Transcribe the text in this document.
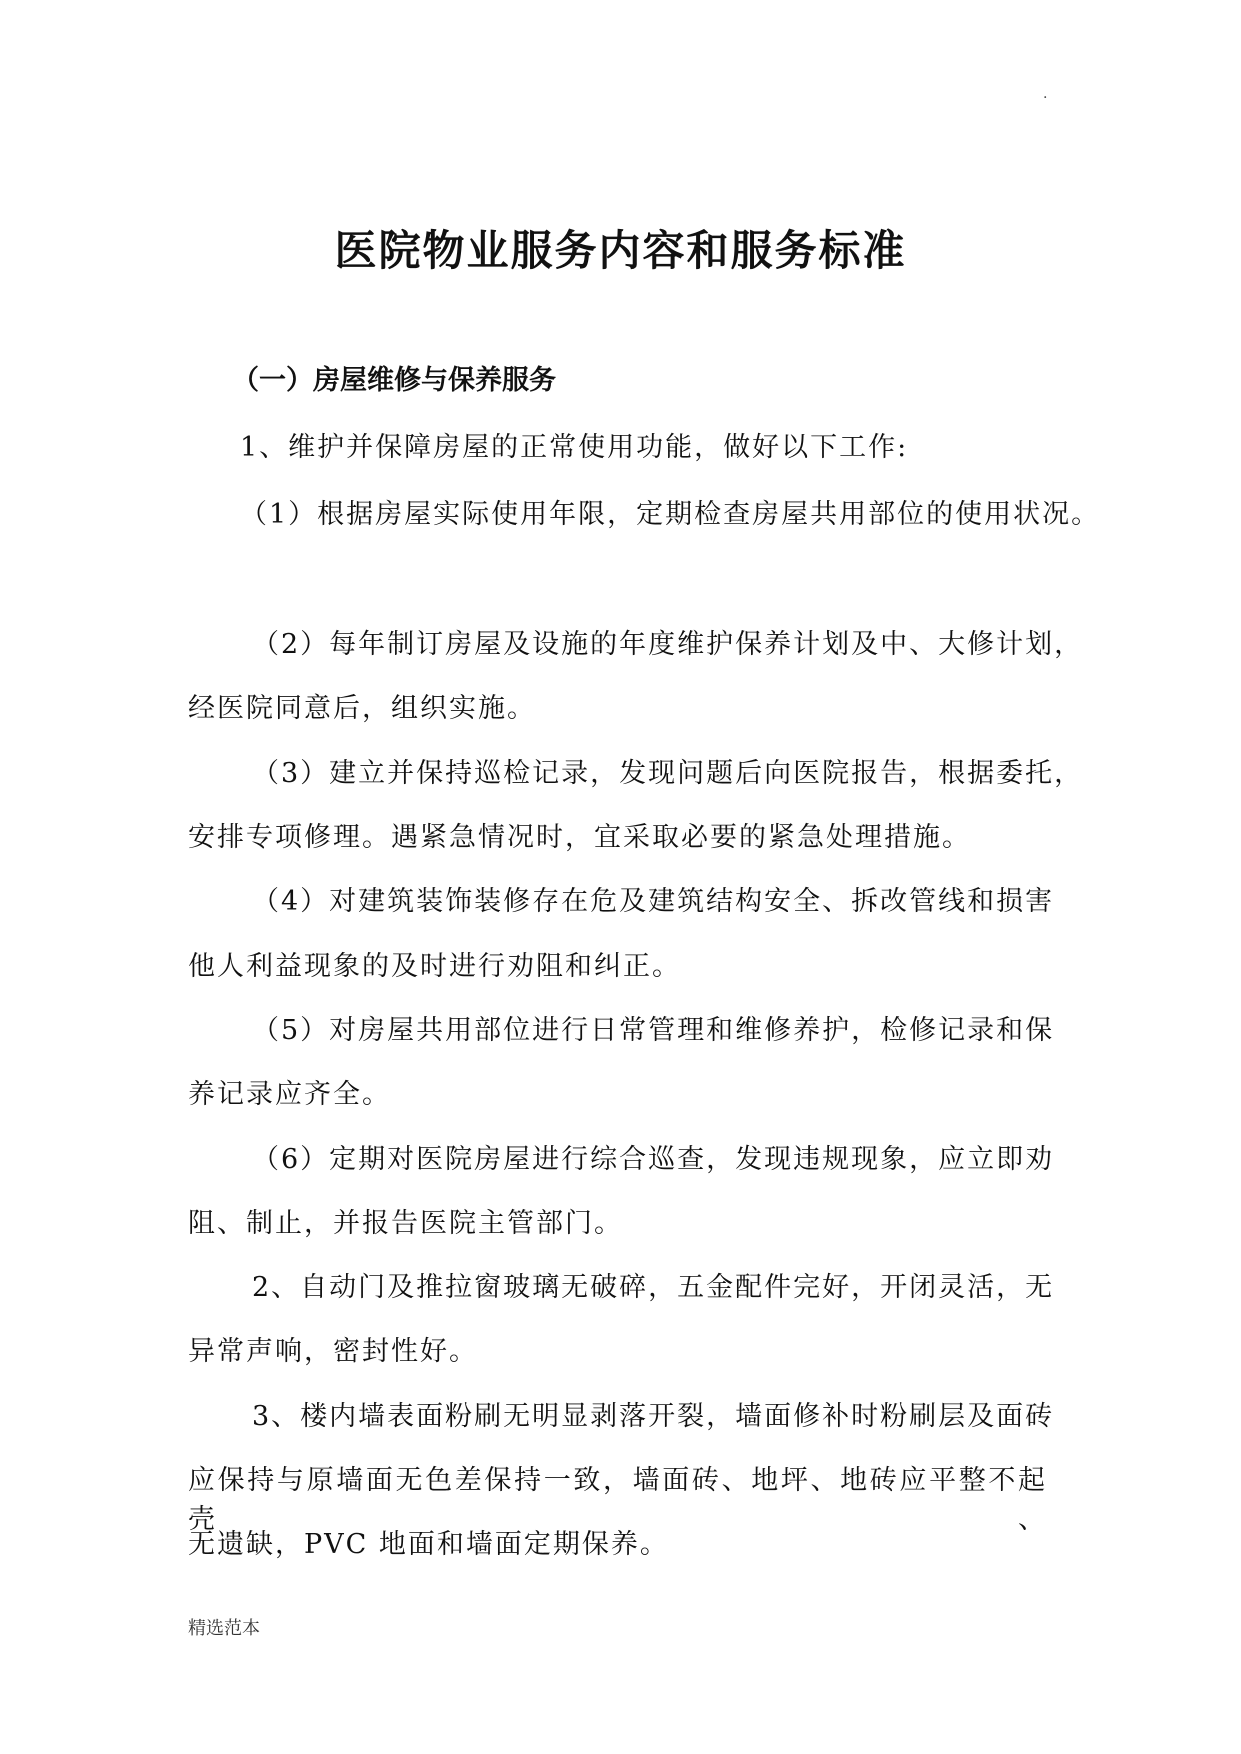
.
医院物业服务内容和服务标准
（一）房屋维修与保养服务
1、维护并保障房屋的正常使用功能，做好以下工作:
（1）根据房屋实际使用年限，定期检查房屋共用部位的使用状况。
（2）每年制订房屋及设施的年度维护保养计划及中、大修计划，
经医院同意后，组织实施。
（3）建立并保持巡检记录，发现问题后向医院报告，根据委托，
安排专项修理。遇紧急情况时，宜采取必要的紧急处理措施。
（4）对建筑装饰装修存在危及建筑结构安全、拆改管线和损害
他人利益现象的及时进行劝阻和纠正。
（5）对房屋共用部位进行日常管理和维修养护，检修记录和保
养记录应齐全。
（6）定期对医院房屋进行综合巡查，发现违规现象，应立即劝
阻、制止，并报告医院主管部门。
2、自动门及推拉窗玻璃无破碎，五金配件完好，开闭灵活，无
异常声响，密封性好。
3、楼内墙表面粉刷无明显剥落开裂，墙面修补时粉刷层及面砖
应保持与原墙面无色差保持一致，墙面砖、地坪、地砖应平整不起壳、
无遗缺，PVC 地面和墙面定期保养。
精选范本
